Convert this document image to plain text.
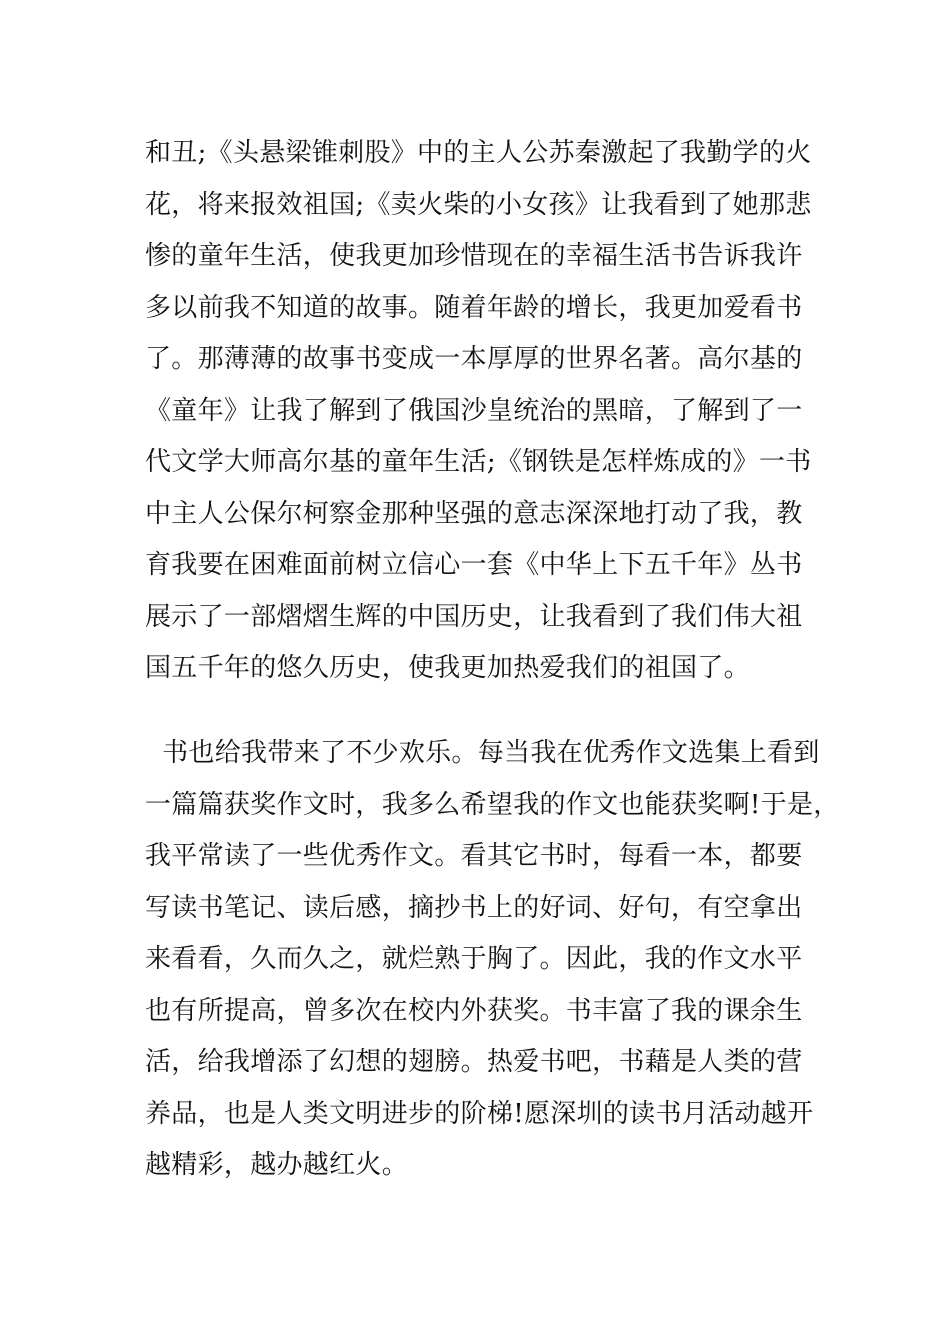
和丑;《头悬梁锥刺股》中的主人公苏秦激起了我勤学的火
花，将来报效祖国;《卖火柴的小女孩》让我看到了她那悲
惨的童年生活，使我更加珍惜现在的幸福生活书告诉我许
多以前我不知道的故事。随着年龄的增长，我更加爱看书
了。那薄薄的故事书变成一本厚厚的世界名著。高尔基的
《童年》让我了解到了俄国沙皇统治的黑暗，了解到了一
代文学大师高尔基的童年生活;《钢铁是怎样炼成的》一书
中主人公保尔柯察金那种坚强的意志深深地打动了我，教
育我要在困难面前树立信心一套《中华上下五千年》丛书
展示了一部熠熠生辉的中国历史，让我看到了我们伟大祖
国五千年的悠久历史，使我更加热爱我们的祖国了。
书也给我带来了不少欢乐。每当我在优秀作文选集上看到
一篇篇获奖作文时，我多么希望我的作文也能获奖啊!于是，
我平常读了一些优秀作文。看其它书时，每看一本，都要
写读书笔记、读后感，摘抄书上的好词、好句，有空拿出
来看看，久而久之，就烂熟于胸了。因此，我的作文水平
也有所提高，曾多次在校内外获奖。书丰富了我的课余生
活，给我增添了幻想的翅膀。热爱书吧，书藉是人类的营
养品，也是人类文明进步的阶梯!愿深圳的读书月活动越开
越精彩，越办越红火。
